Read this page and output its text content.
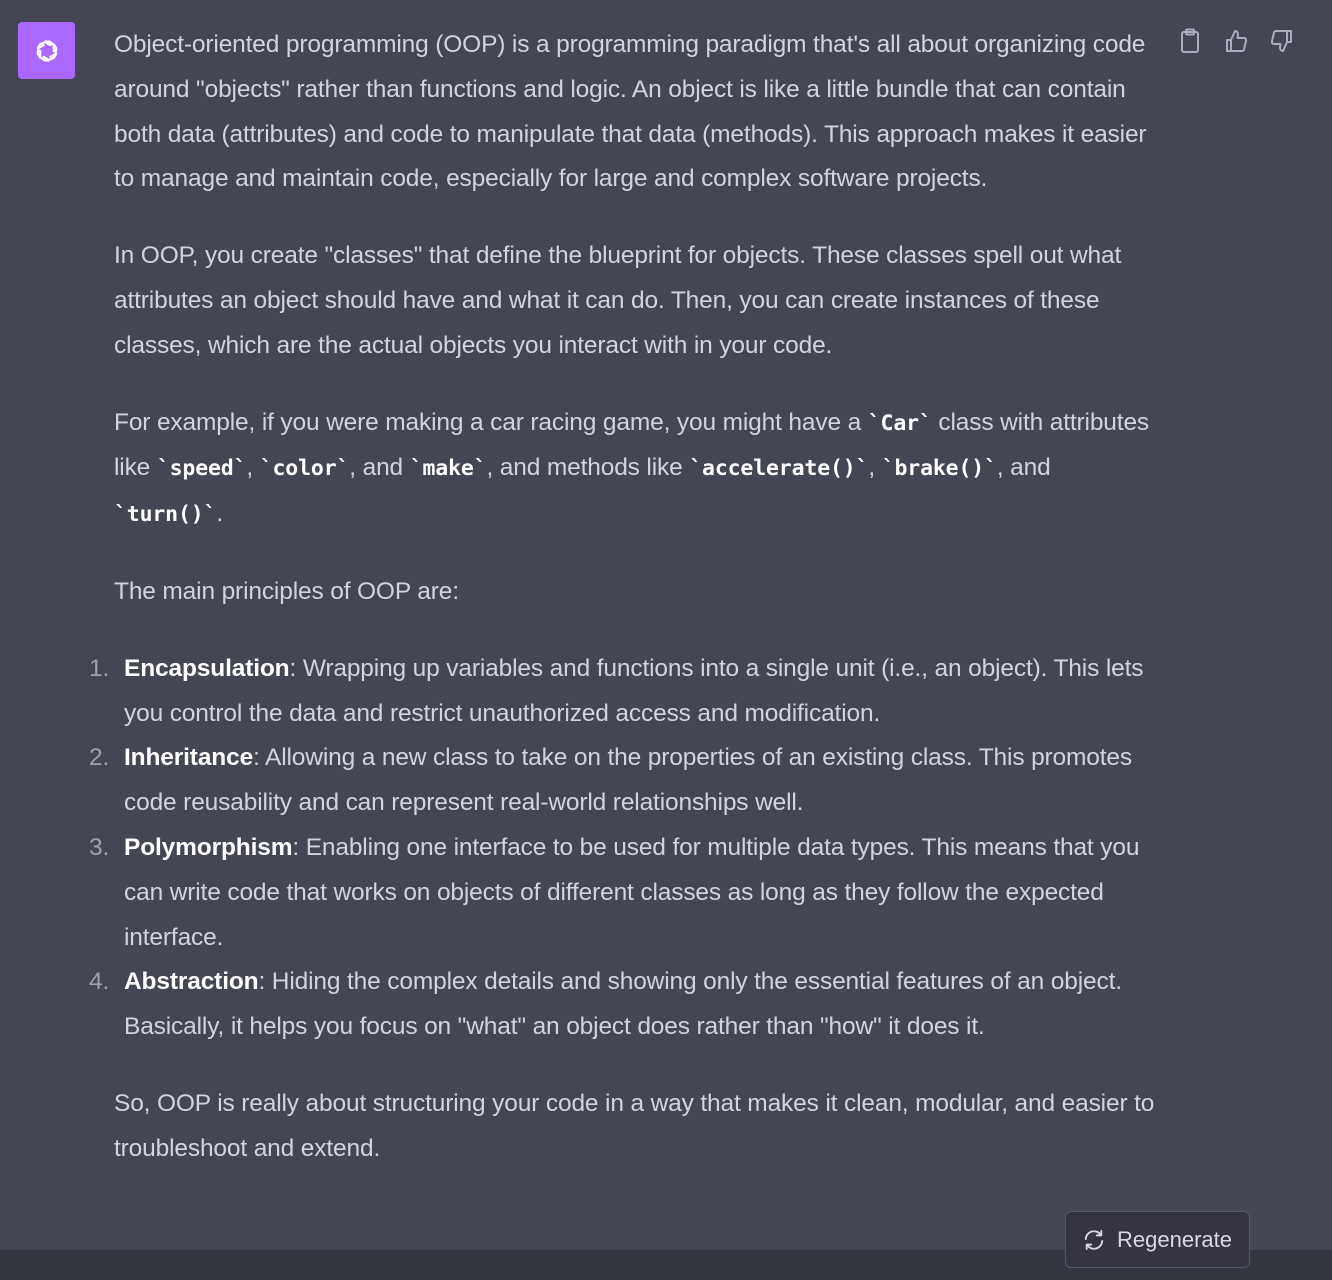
Object-oriented programming (OOP) is a programming paradigm that's all about organizing code around "objects" rather than functions and logic. An object is like a little bundle that can contain both data (attributes) and code to manipulate that data (methods). This approach makes it easier to manage and maintain code, especially for large and complex software projects.

In OOP, you create "classes" that define the blueprint for objects. These classes spell out what attributes an object should have and what it can do. Then, you can create instances of these classes, which are the actual objects you interact with in your code.

For example, if you were making a car racing game, you might have a `Car` class with attributes like `speed`, `color`, and `make`, and methods like `accelerate()`, `brake()`, and `turn()`.

The main principles of OOP are:

1. Encapsulation: Wrapping up variables and functions into a single unit (i.e., an object). This lets you control the data and restrict unauthorized access and modification.
2. Inheritance: Allowing a new class to take on the properties of an existing class. This promotes code reusability and can represent real-world relationships well.
3. Polymorphism: Enabling one interface to be used for multiple data types. This means that you can write code that works on objects of different classes as long as they follow the expected interface.
4. Abstraction: Hiding the complex details and showing only the essential features of an object. Basically, it helps you focus on "what" an object does rather than "how" it does it.

So, OOP is really about structuring your code in a way that makes it clean, modular, and easier to troubleshoot and extend.

Regenerate
